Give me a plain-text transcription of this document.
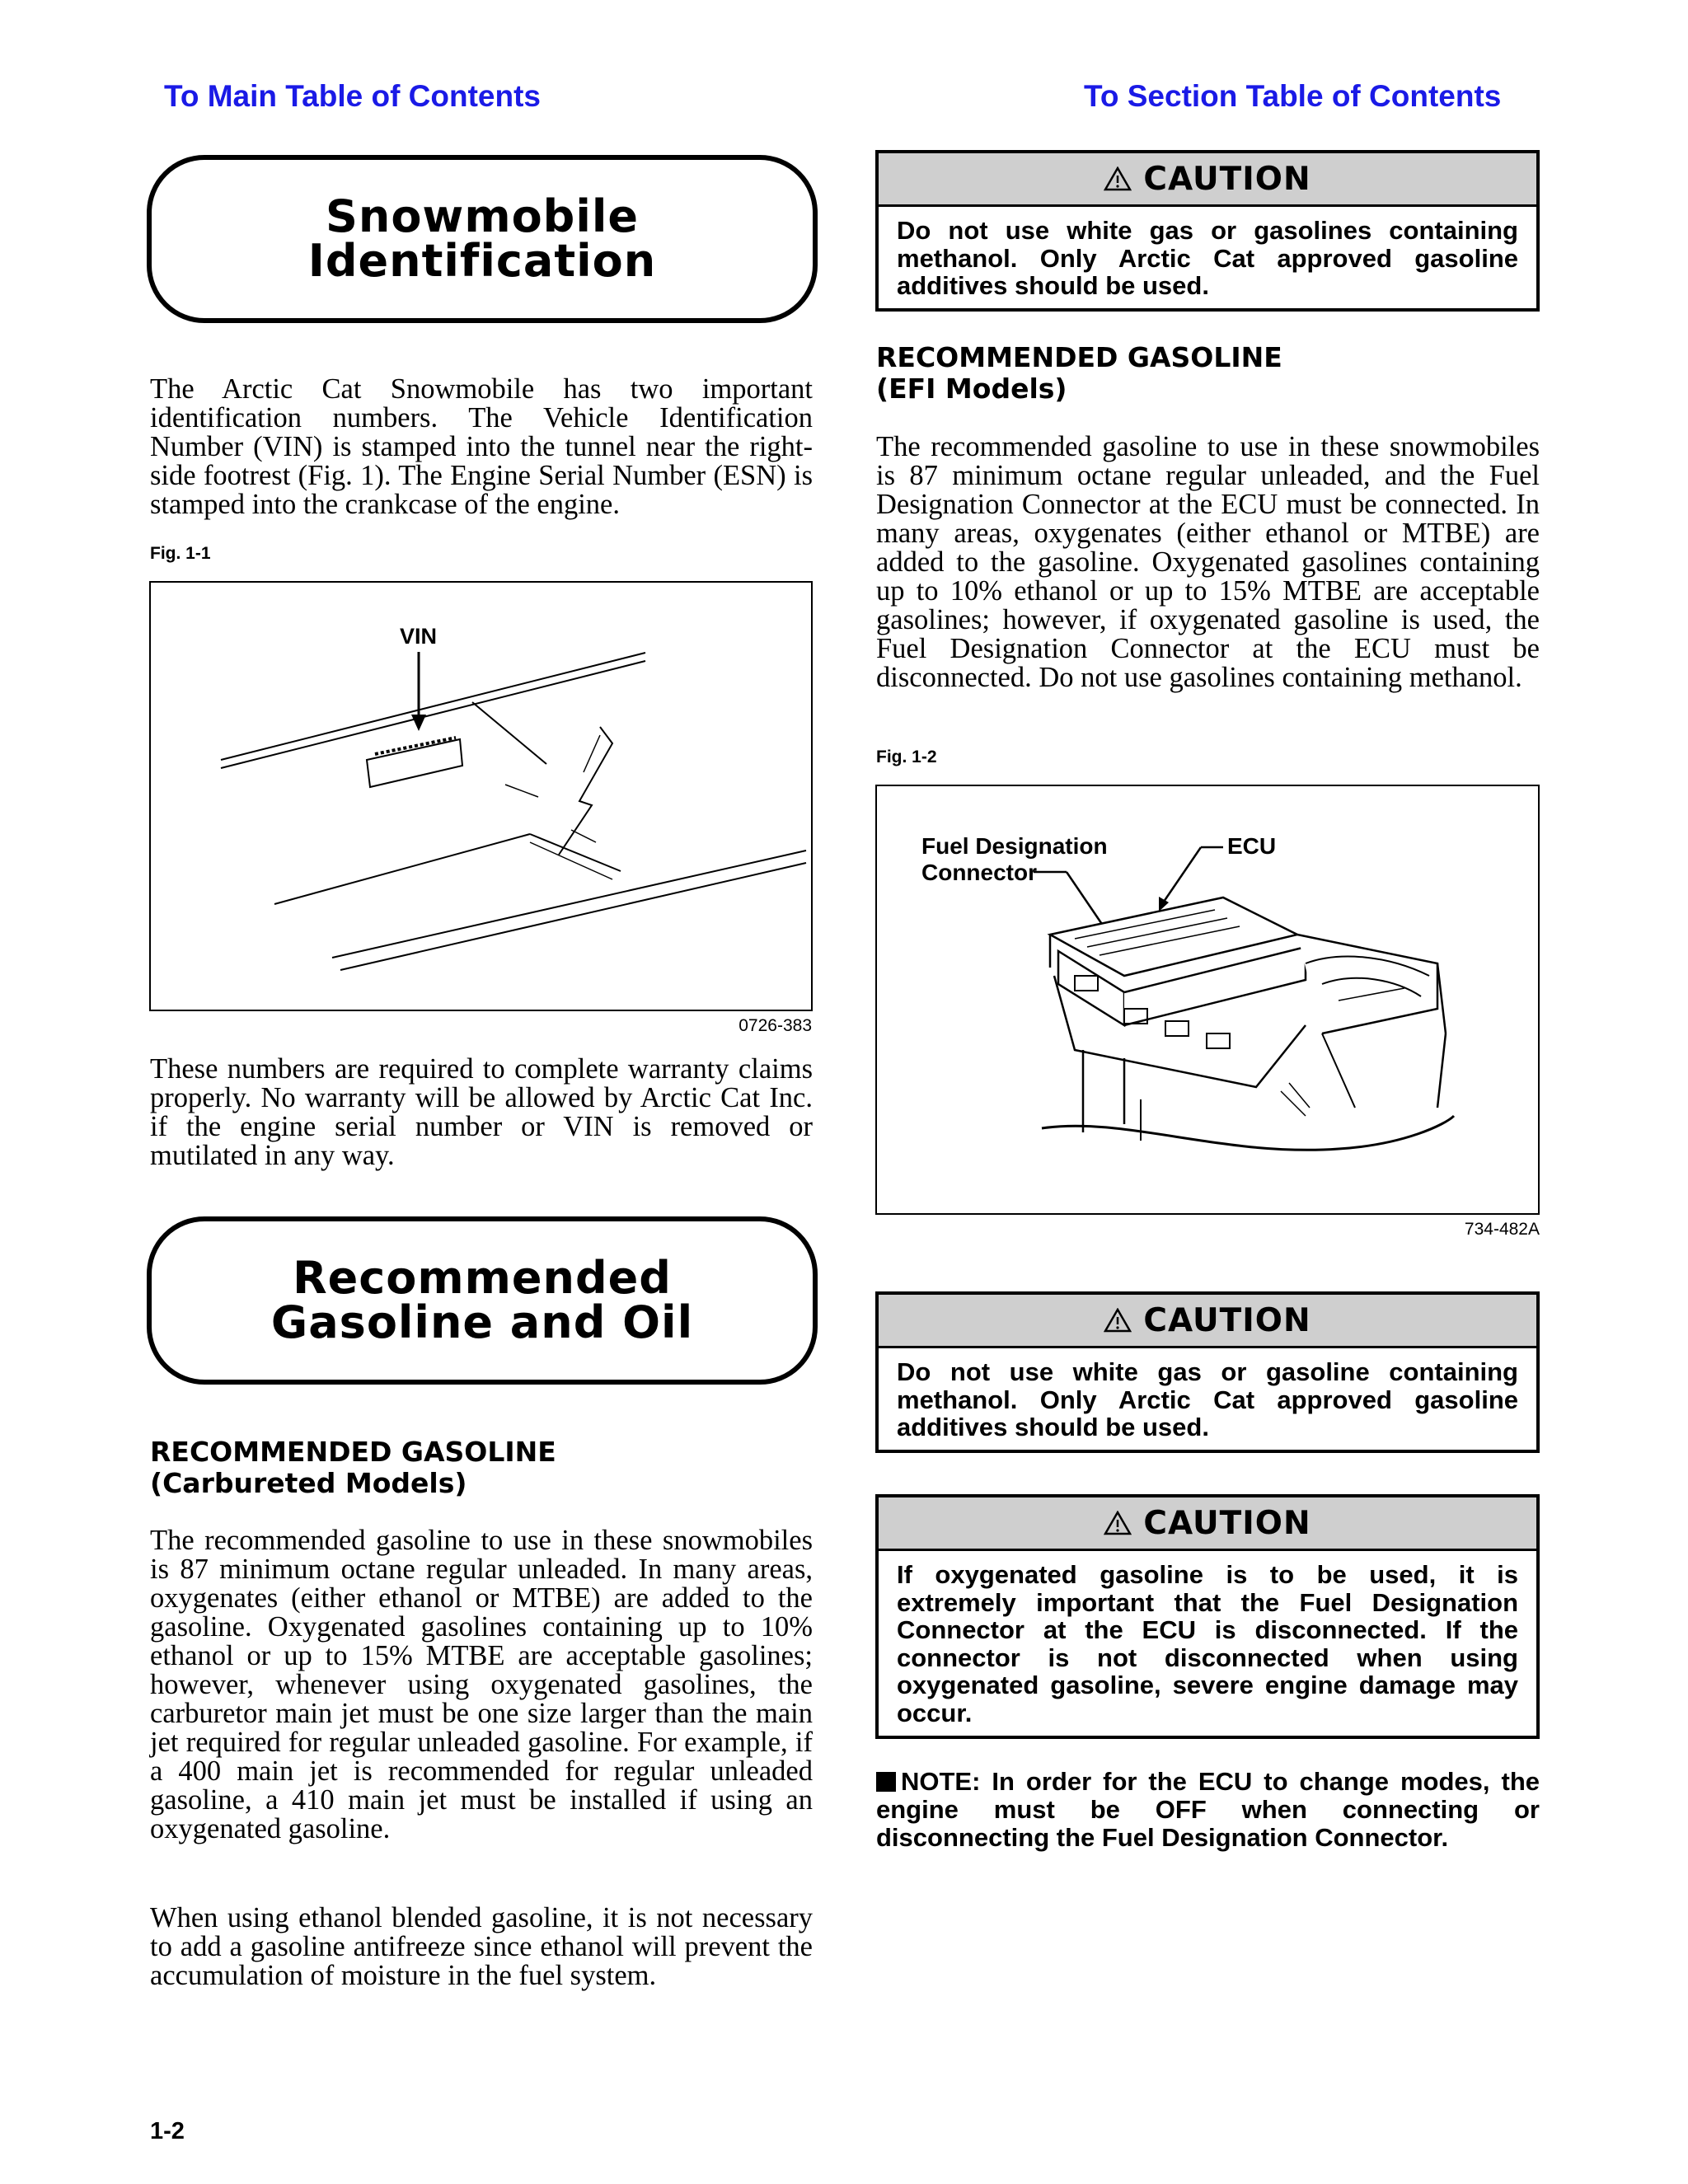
To Main Table of Contents	To Section Table of Contents
Snowmobile
Identification

The Arctic Cat Snowmobile has two important identification numbers. The Vehicle Identification Number (VIN) is stamped into the tunnel near the right-side footrest (Fig. 1). The Engine Serial Number (ESN) is stamped into the crankcase of the engine.

Fig. 1-1
VIN
0726-383

These numbers are required to complete warranty claims properly. No warranty will be allowed by Arctic Cat Inc. if the engine serial number or VIN is removed or mutilated in any way.

Recommended
Gasoline and Oil
RECOMMENDED GASOLINE
(Carbureted Models)

The recommended gasoline to use in these snowmobiles is 87 minimum octane regular unleaded. In many areas, oxygenates (either ethanol or MTBE) are added to the gasoline. Oxygenated gasolines containing up to 10% ethanol or up to 15% MTBE are acceptable gasolines; however, whenever using oxygenated gasolines, the carburetor main jet must be one size larger than the main jet required for regular unleaded gasoline. For example, if a 400 main jet is recommended for regular unleaded gasoline, a 410 main jet must be installed if using an oxygenated gasoline.

When using ethanol blended gasoline, it is not necessary to add a gasoline antifreeze since ethanol will prevent the accumulation of moisture in the fuel system.

1-2
CAUTION
Do not use white gas or gasolines containing methanol. Only Arctic Cat approved gasoline additives should be used.
RECOMMENDED GASOLINE
(EFI Models)

The recommended gasoline to use in these snowmobiles is 87 minimum octane regular unleaded, and the Fuel Designation Connector at the ECU must be connected. In many areas, oxygenates (either ethanol or MTBE) are added to the gasoline. Oxygenated gasolines containing up to 10% ethanol or up to 15% MTBE are acceptable gasolines; however, if oxygenated gasoline is used, the Fuel Designation Connector at the ECU must be disconnected. Do not use gasolines containing methanol.

Fig. 1-2
Fuel Designation
Connector
ECU
734-482A
CAUTION
Do not use white gas or gasoline containing methanol. Only Arctic Cat approved gasoline additives should be used.
CAUTION
If oxygenated gasoline is to be used, it is extremely important that the Fuel Designation Connector at the ECU is disconnected. If the connector is not disconnected when using oxygenated gasoline, severe engine damage may occur.

NOTE: In order for the ECU to change modes, the engine must be OFF when connecting or disconnecting the Fuel Designation Connector.
